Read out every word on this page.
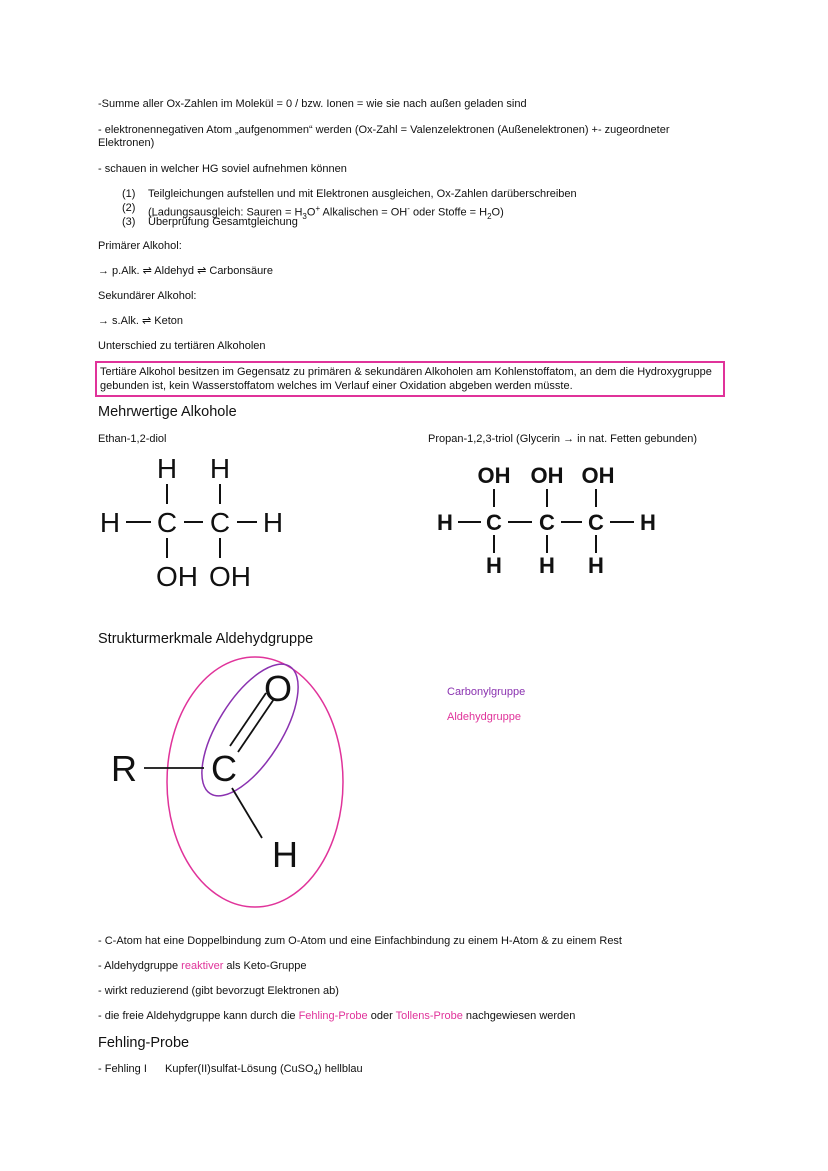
-Summe aller Ox-Zahlen im Molekül = 0 / bzw. Ionen = wie sie nach außen geladen sind
- elektronennegativen Atom „aufgenommen“ werden (Ox-Zahl = Valenzelektronen (Außenelektronen) +- zugeordneter Elektronen)
- schauen in welcher HG soviel aufnehmen können
(1) Teilgleichungen aufstellen und mit Elektronen ausgleichen, Ox-Zahlen darüberschreiben
(2) (Ladungsausgleich: Sauren = $H_3O^+$ Alkalischen = OH- oder Stoffe = $H_2O$)
(3) Überprüfung Gesamtgleichung
Primärer Alkohol:
→ p.Alk. ⇌ Aldehyd ⇌ Carbonsäure
Sekundärer Alkohol:
→ s.Alk. ⇌ Keton
Unterschied zu tertiären Alkoholen
Tertiäre Alkohol besitzen im Gegensatz zu primären & sekundären Alkoholen am Kohlenstoffatom, an dem die Hydroxygruppe gebunden ist, kein Wasserstoffatom welches im Verlauf einer Oxidation abgeben werden müsste.
Mehrwertige Alkohole
Ethan-1,2-diol	Propan-1,2,3-triol (Glycerin → in nat. Fetten gebunden)
H H
H C C H
OH OH
OH OH OH
H C C C H
H H H
Strukturmerkmale Aldehydgruppe
R C
O
H
Carbonylgruppe
Aldehydgruppe
- C-Atom hat eine Doppelbindung zum O-Atom und eine Einfachbindung zu einem H-Atom & zu einem Rest
- Aldehydgruppe reaktiver als Keto-Gruppe
- wirkt reduzierend (gibt bevorzugt Elektronen ab)
- die freie Aldehydgruppe kann durch die Fehling-Probe oder Tollens-Probe nachgewiesen werden
Fehling-Probe
- Fehling I Kupfer(II)sulfat-Lösung (CuSO$_4$) hellblau
